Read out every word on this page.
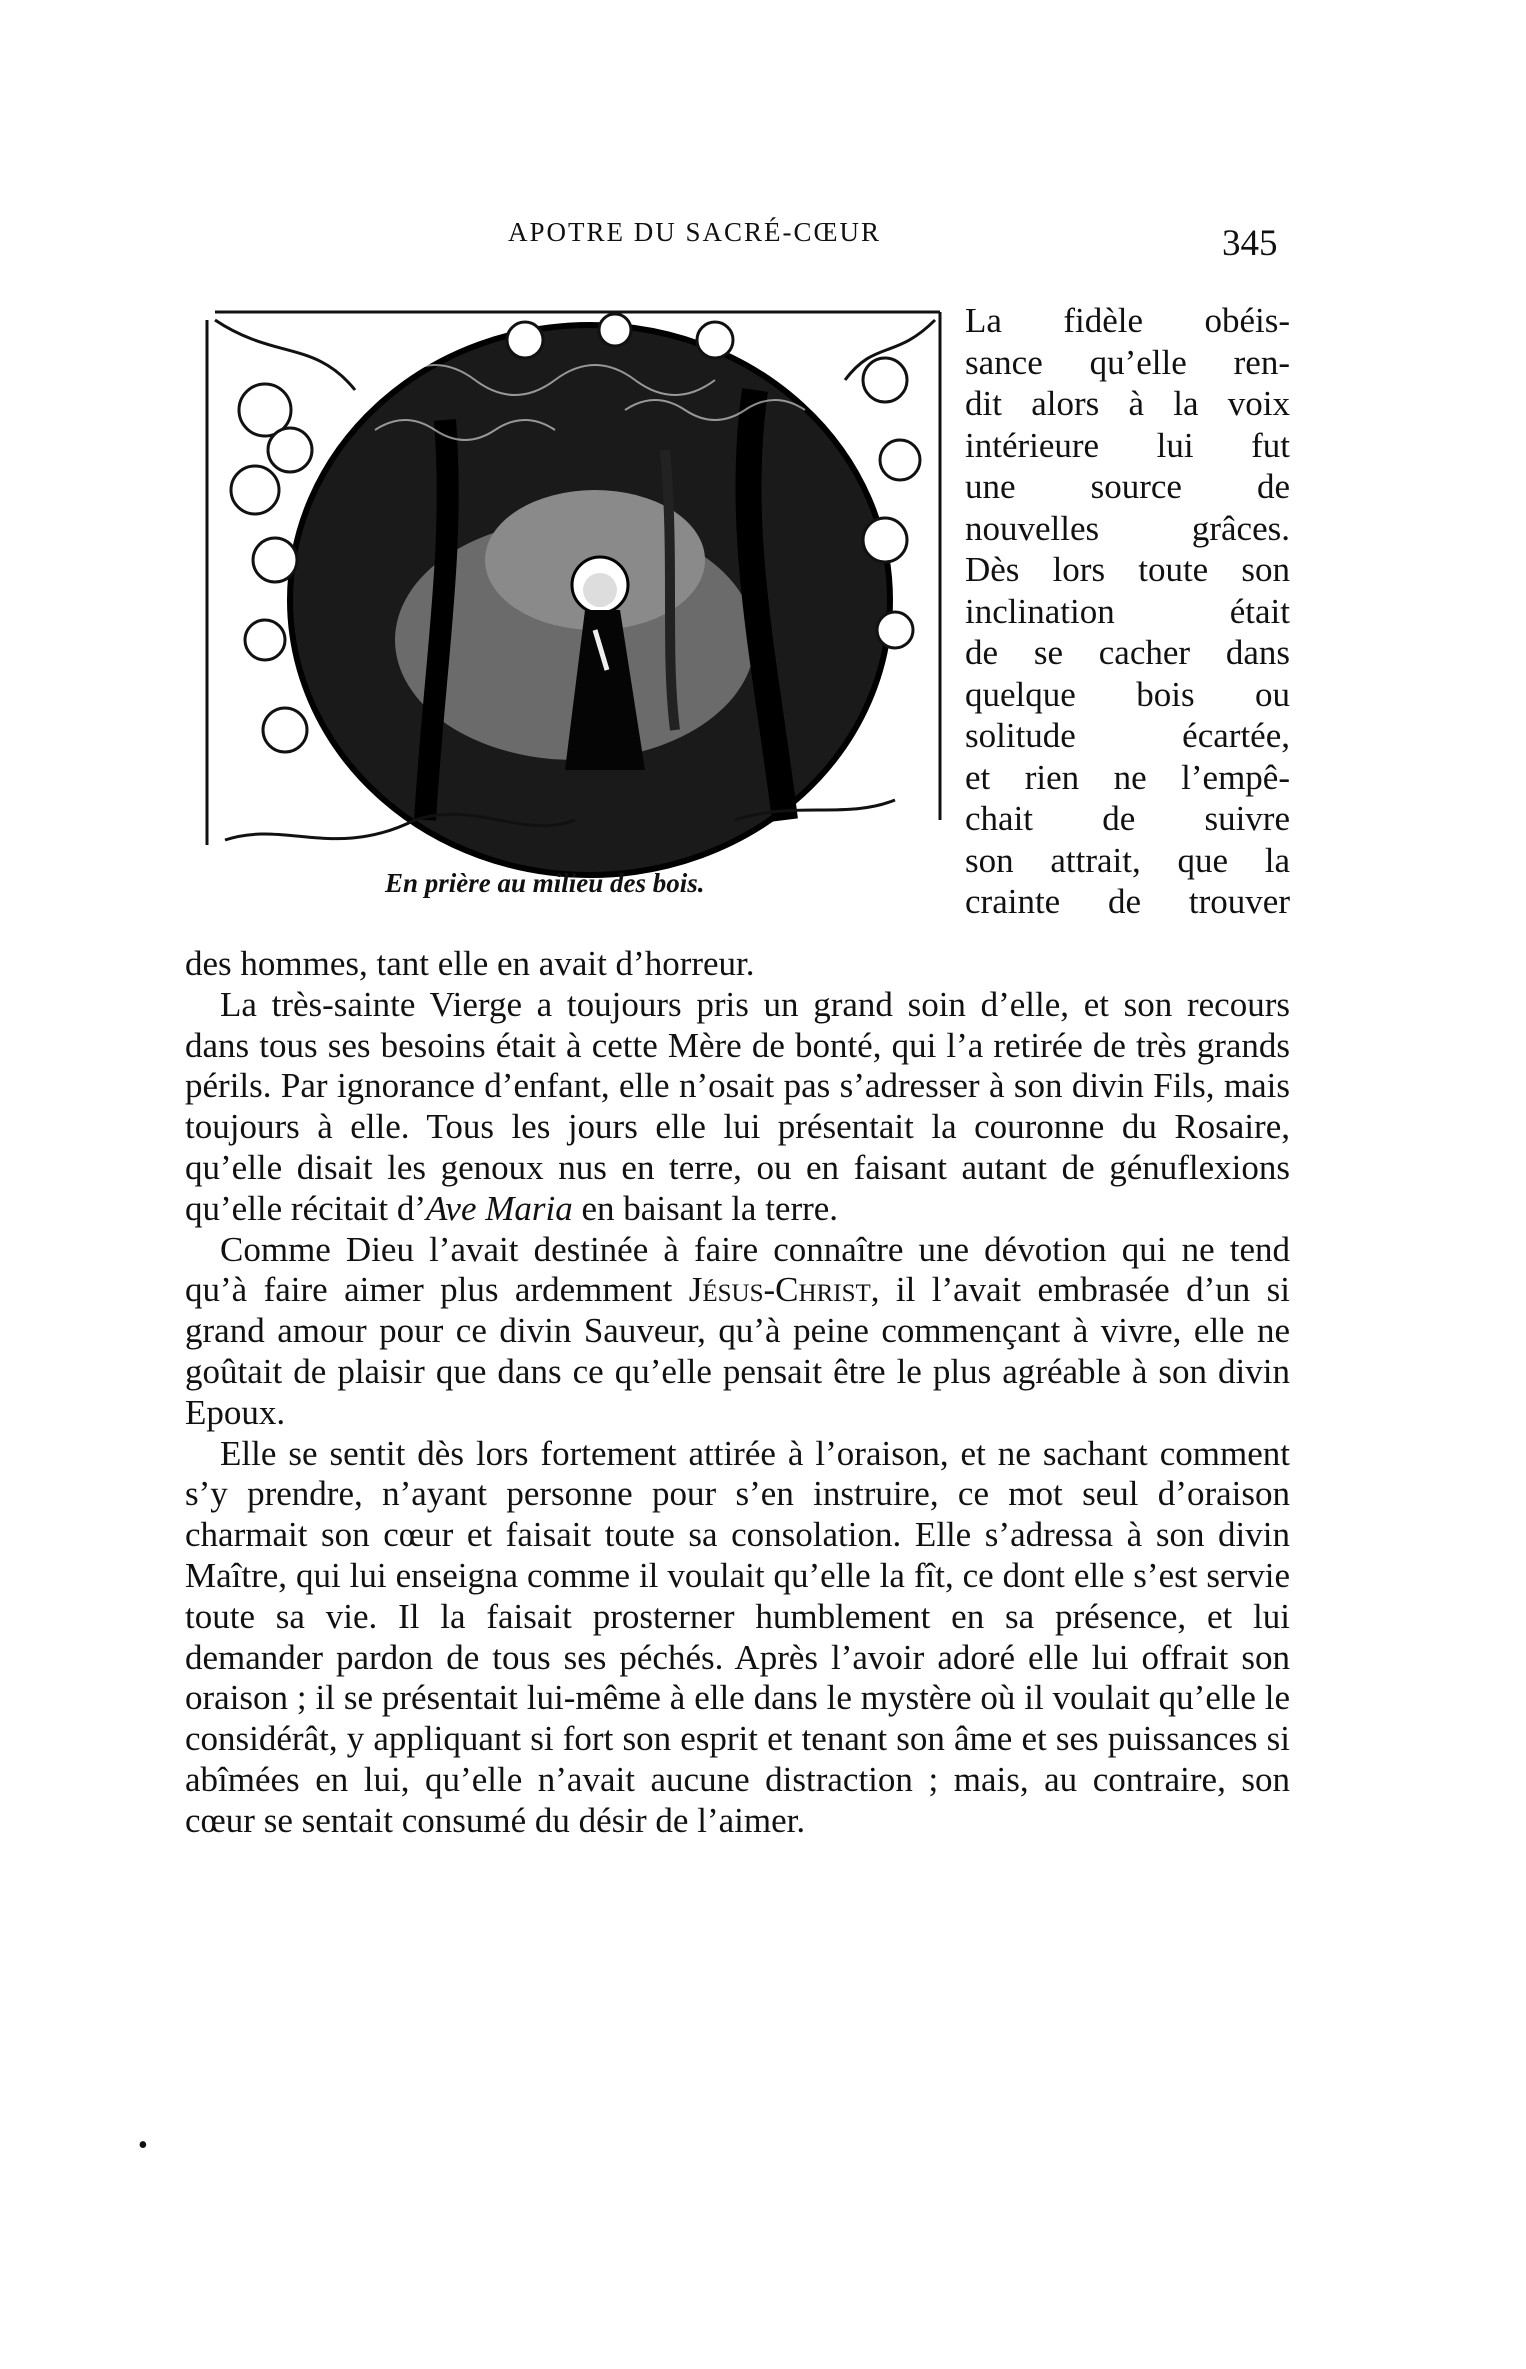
APOTRE DU SACRÉ-CŒUR	345
En prière au milieu des bois.
La fidèle obéis-
sance qu’elle ren-
dit alors à la voix
intérieure lui fut
une source de
nouvelles grâces.
Dès lors toute son
inclination était
de se cacher dans
quelque bois ou
solitude écartée,
et rien ne l’empê-
chait de suivre
son attrait, que la
crainte de trouver

des hommes, tant elle en avait d’horreur.

La très-sainte Vierge a toujours pris un grand soin d’elle, et son recours dans tous ses besoins était à cette Mère de bonté, qui l’a retirée de très grands périls. Par ignorance d’enfant, elle n’osait pas s’adresser à son divin Fils, mais toujours à elle. Tous les jours elle lui présentait la couronne du Rosaire, qu’elle disait les genoux nus en terre, ou en faisant autant de génuflexions qu’elle récitait d’Ave Maria en baisant la terre.

Comme Dieu l’avait destinée à faire connaître une dévotion qui ne tend qu’à faire aimer plus ardemment Jésus-Christ, il l’avait embrasée d’un si grand amour pour ce divin Sauveur, qu’à peine commençant à vivre, elle ne goûtait de plaisir que dans ce qu’elle pensait être le plus agréable à son divin Epoux.

Elle se sentit dès lors fortement attirée à l’oraison, et ne sachant comment s’y prendre, n’ayant personne pour s’en instruire, ce mot seul d’oraison charmait son cœur et faisait toute sa consolation. Elle s’adressa à son divin Maître, qui lui enseigna comme il voulait qu’elle la fît, ce dont elle s’est servie toute sa vie. Il la faisait prosterner humblement en sa présence, et lui demander pardon de tous ses péchés. Après l’avoir adoré elle lui offrait son oraison ; il se présentait lui-même à elle dans le mystère où il voulait qu’elle le considérât, y appliquant si fort son esprit et tenant son âme et ses puissances si abîmées en lui, qu’elle n’avait aucune distraction ; mais, au contraire, son cœur se sentait consumé du désir de l’aimer.

•
